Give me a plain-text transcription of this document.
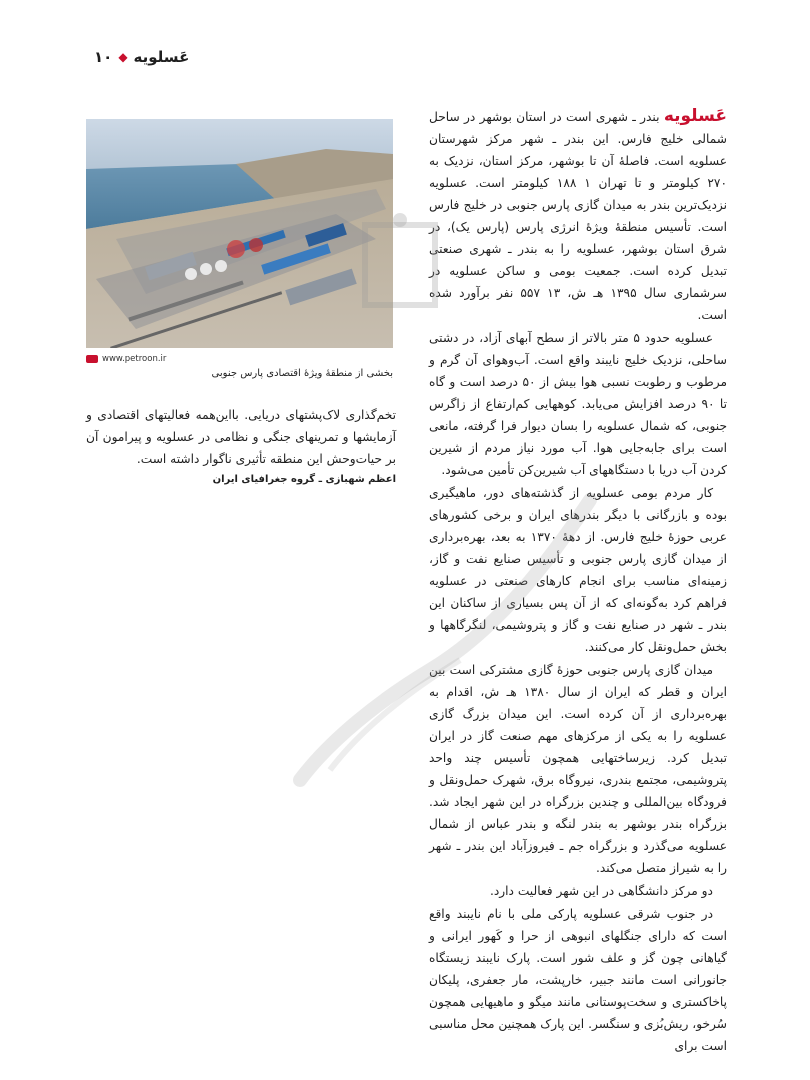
عَسلویه
◆
۱۰
www.petroon.ir
بخشی از منطقهٔ ویژهٔ اقتصادی پارس جنوبی

تخم‌گذاری لاک‌پشتهای دریایی. بااین‌همه فعالیتهای اقتصادی و آزمایشها و تمرینهای جنگی و نظامی در عسلویه و پیرامون آن بر حیات‌وحش این منطقه تأثیری ناگوار داشته است.

اعظم شهبازی ـ گروه جغرافیای ایران

عَسلویه بندر ـ شهری است در استان بوشهر در ساحل شمالی خلیج فارس. این بندر ـ شهر مرکز شهرستان عسلویه است. فاصلهٔ آن تا بوشهر، مرکز استان، نزدیک به ۲۷۰ کیلومتر و تا تهران ۱ ۱۸۸ کیلومتر است. عسلویه نزدیک‌ترین بندر به میدان گازی پارس جنوبی در خلیج فارس است. تأسیس منطقهٔ ویژهٔ انرژی پارس (پارس یک)، در شرق استان بوشهر، عسلویه را به بندر ـ شهری صنعتی تبدیل کرده است. جمعیت بومی و ساکن عسلویه در سرشماری سال ۱۳۹۵ هـ ش، ۱۳ ۵۵۷ نفر برآورد شده است.

عسلویه حدود ۵ متر بالاتر از سطح آبهای آزاد، در دشتی ساحلی، نزدیک خلیج نایبند واقع است. آب‌وهوای آن گرم و مرطوب و رطوبت نسبی هوا بیش از ۵۰ درصد است و گاه تا ۹۰ درصد افزایش می‌یابد. کوههایی کم‌ارتفاع از زاگرس جنوبی، که شمال عسلویه را بسان دیوار فرا گرفته، مانعی است برای جابه‌جایی هوا. آب مورد نیاز مردم از شیرین کردن آب دریا با دستگاههای آب شیرین‌کن تأمین می‌شود.

کار مردم بومی عسلویه از گذشته‌های دور، ماهیگیری بوده و بازرگانی با دیگر بندرهای ایران و برخی کشورهای عربی حوزهٔ خلیج فارس. از دههٔ ۱۳۷۰ به بعد، بهره‌برداری از میدان گازی پارس جنوبی و تأسیس صنایع نفت و گاز، زمینه‌ای مناسب برای انجام کارهای صنعتی در عسلویه فراهم کرد به‌گونه‌ای که از آن پس بسیاری از ساکنان این بندر ـ شهر در صنایع نفت و گاز و پتروشیمی، لنگرگاهها و بخش حمل‌ونقل کار می‌کنند.

میدان گازی پارس جنوبی حوزهٔ گازی مشترکی است بین ایران و قطر که ایران از سال ۱۳۸۰ هـ ش، اقدام به بهره‌برداری از آن کرده است. این میدان بزرگ گازی عسلویه را به یکی از مرکزهای مهم صنعت گاز در ایران تبدیل کرد. زیرساختهایی همچون تأسیس چند واحد پتروشیمی، مجتمع بندری، نیروگاه برق، شهرک حمل‌ونقل و فرودگاه بین‌المللی و چندین بزرگراه در این شهر ایجاد شد. بزرگراه بندر بوشهر به بندر لنگه و بندر عباس از شمال عسلویه می‌گذرد و بزرگراه جم ـ فیروزآباد این بندر ـ شهر را به شیراز متصل می‌کند.

دو مرکز دانشگاهی در این شهر فعالیت دارد.

در جنوب شرقی عسلویه پارکی ملی با نام نایبند واقع است که دارای جنگلهای انبوهی از حرا و کَهور ایرانی و گیاهانی چون گز و علف شور است. پارک نایبند زیستگاه جانورانی است مانند جبیر، خارپشت، مار جعفری، پلیکان پاخاکستری و سخت‌پوستانی مانند میگو و ماهیهایی همچون سُرخو، ریش‌بُزی و سنگسر. این پارک همچنین محل مناسبی است برای
